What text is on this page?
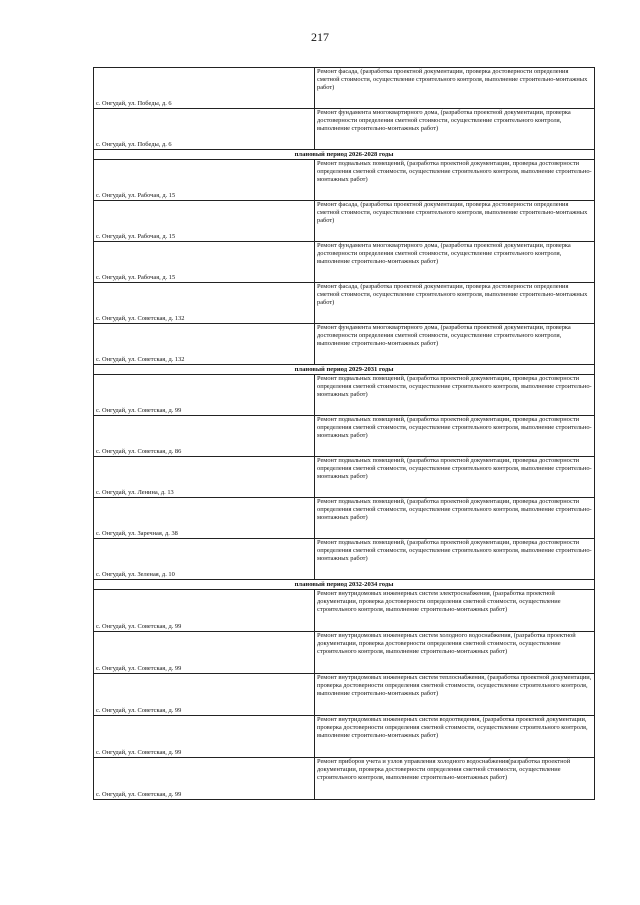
217
с. Онгудай, ул. Победы, д. 6	Ремонт фасада, (разработка проектной документации, проверка достоверности определения сметной стоимости, осуществление строительного контроля, выполнение строительно-монтажных работ)
с. Онгудай, ул. Победы, д. 6	Ремонт фундамента многоквартирного дома, (разработка проектной документации, проверка достоверности определения сметной стоимости, осуществление строительного контроля, выполнение строительно-монтажных работ)
плановый период 2026-2028 годы	
с. Онгудай, ул. Рабочая, д. 15	Ремонт подвальных помещений, (разработка проектной документации, проверка достоверности определения сметной стоимости, осуществление строительного контроля, выполнение строительно-монтажных работ)
с. Онгудай, ул. Рабочая, д. 15	Ремонт фасада, (разработка проектной документации, проверка достоверности определения сметной стоимости, осуществление строительного контроля, выполнение строительно-монтажных работ)
с. Онгудай, ул. Рабочая, д. 15	Ремонт фундамента многоквартирного дома, (разработка проектной документации, проверка достоверности определения сметной стоимости, осуществление строительного контроля, выполнение строительно-монтажных работ)
с. Онгудай, ул. Советская, д. 132	Ремонт фасада, (разработка проектной документации, проверка достоверности определения сметной стоимости, осуществление строительного контроля, выполнение строительно-монтажных работ)
с. Онгудай, ул. Советская, д. 132	Ремонт фундамента многоквартирного дома, (разработка проектной документации, проверка достоверности определения сметной стоимости, осуществление строительного контроля, выполнение строительно-монтажных работ)
плановый период 2029-2031 годы	
с. Онгудай, ул. Советская, д. 99	Ремонт подвальных помещений, (разработка проектной документации, проверка достоверности определения сметной стоимости, осуществление строительного контроля, выполнение строительно-монтажных работ)
с. Онгудай, ул. Советская, д. 86	Ремонт подвальных помещений, (разработка проектной документации, проверка достоверности определения сметной стоимости, осуществление строительного контроля, выполнение строительно-монтажных работ)
с. Онгудай, ул. Ленина, д. 13	Ремонт подвальных помещений, (разработка проектной документации, проверка достоверности определения сметной стоимости, осуществление строительного контроля, выполнение строительно-монтажных работ)
с. Онгудай, ул. Заречная, д. 38	Ремонт подвальных помещений, (разработка проектной документации, проверка достоверности определения сметной стоимости, осуществление строительного контроля, выполнение строительно-монтажных работ)
с. Онгудай, ул. Зеленая, д. 10	Ремонт подвальных помещений, (разработка проектной документации, проверка достоверности определения сметной стоимости, осуществление строительного контроля, выполнение строительно-монтажных работ)
плановый период 2032-2034 годы	
с. Онгудай, ул. Советская, д. 99	Ремонт внутридомовых инженерных систем электроснабжения, (разработка проектной документации, проверка достоверности определения сметной стоимости, осуществление строительного контроля, выполнение строительно-монтажных работ)
с. Онгудай, ул. Советская, д. 99	Ремонт внутридомовых инженерных систем холодного водоснабжения, (разработка проектной документации, проверка достоверности определения сметной стоимости, осуществление строительного контроля, выполнение строительно-монтажных работ)
с. Онгудай, ул. Советская, д. 99	Ремонт внутридомовых инженерных систем теплоснабжения, (разработка проектной документации, проверка достоверности определения сметной стоимости, осуществление строительного контроля, выполнение строительно-монтажных работ)
с. Онгудай, ул. Советская, д. 99	Ремонт внутридомовых инженерных систем водоотведения, (разработка проектной документации, проверка достоверности определения сметной стоимости, осуществление строительного контроля, выполнение строительно-монтажных работ)
с. Онгудай, ул. Советская, д. 99	Ремонт приборов учета и узлов управления холодного водоснабжения(разработка проектной документации, проверка достоверности определения сметной стоимости, осуществление строительного контроля, выполнение строительно-монтажных работ)
